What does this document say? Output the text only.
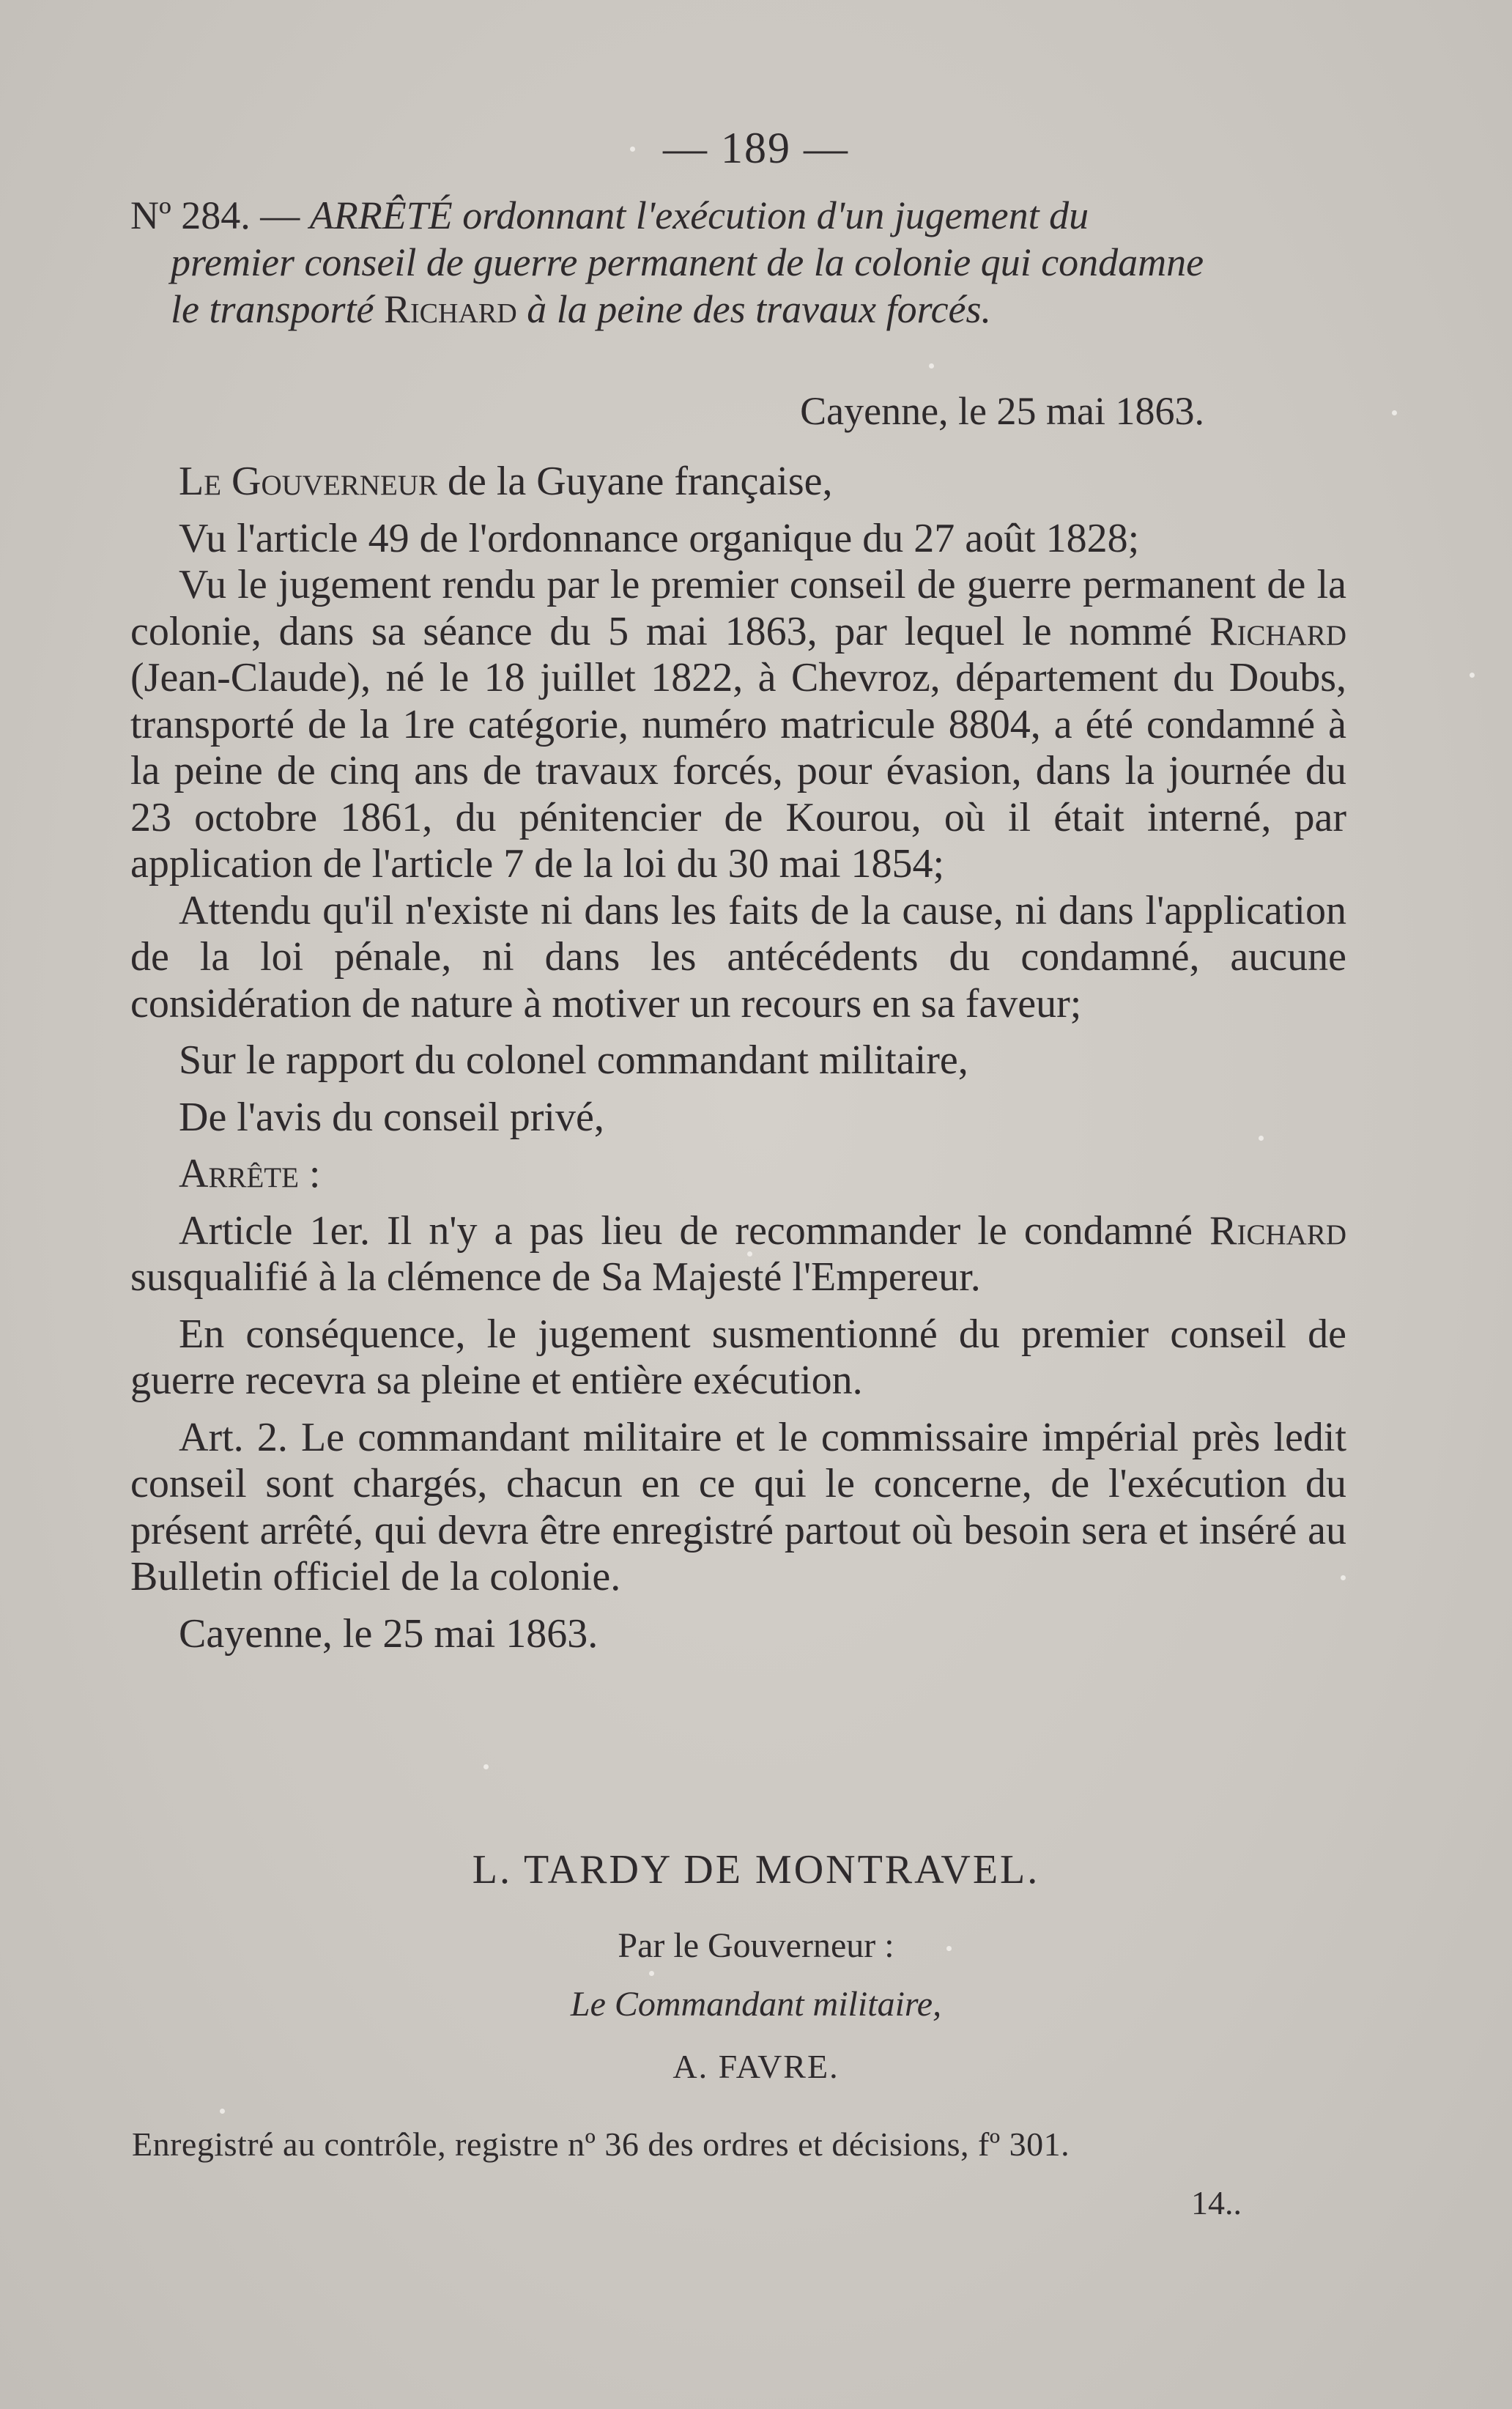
— 189 —
Nº 284. — ARRÊTÉ ordonnant l'exécution d'un jugement du
premier conseil de guerre permanent de la colonie qui condamne
le transporté Richard à la peine des travaux forcés.
Cayenne, le 25 mai 1863.

Le Gouverneur de la Guyane française,

Vu l'article 49 de l'ordonnance organique du 27 août 1828;

Vu le jugement rendu par le premier conseil de guerre permanent de la colonie, dans sa séance du 5 mai 1863, par lequel le nommé Richard (Jean-Claude), né le 18 juillet 1822, à Chevroz, département du Doubs, transporté de la 1re catégorie, numéro matricule 8804, a été condamné à la peine de cinq ans de travaux forcés, pour évasion, dans la journée du 23 octobre 1861, du pénitencier de Kourou, où il était interné, par application de l'article 7 de la loi du 30 mai 1854;

Attendu qu'il n'existe ni dans les faits de la cause, ni dans l'application de la loi pénale, ni dans les antécédents du condamné, aucune considération de nature à motiver un recours en sa faveur;

Sur le rapport du colonel commandant militaire,

De l'avis du conseil privé,

Arrête :

Article 1er. Il n'y a pas lieu de recommander le condamné Richard susqualifié à la clémence de Sa Majesté l'Empereur.

En conséquence, le jugement susmentionné du premier conseil de guerre recevra sa pleine et entière exécution.

Art. 2. Le commandant militaire et le commissaire impérial près ledit conseil sont chargés, chacun en ce qui le concerne, de l'exécution du présent arrêté, qui devra être enregistré partout où besoin sera et inséré au Bulletin officiel de la colonie.

Cayenne, le 25 mai 1863.

L. TARDY DE MONTRAVEL.
Par le Gouverneur :
Le Commandant militaire,
A. FAVRE.
Enregistré au contrôle, registre nº 36 des ordres et décisions, fº 301.
14..
